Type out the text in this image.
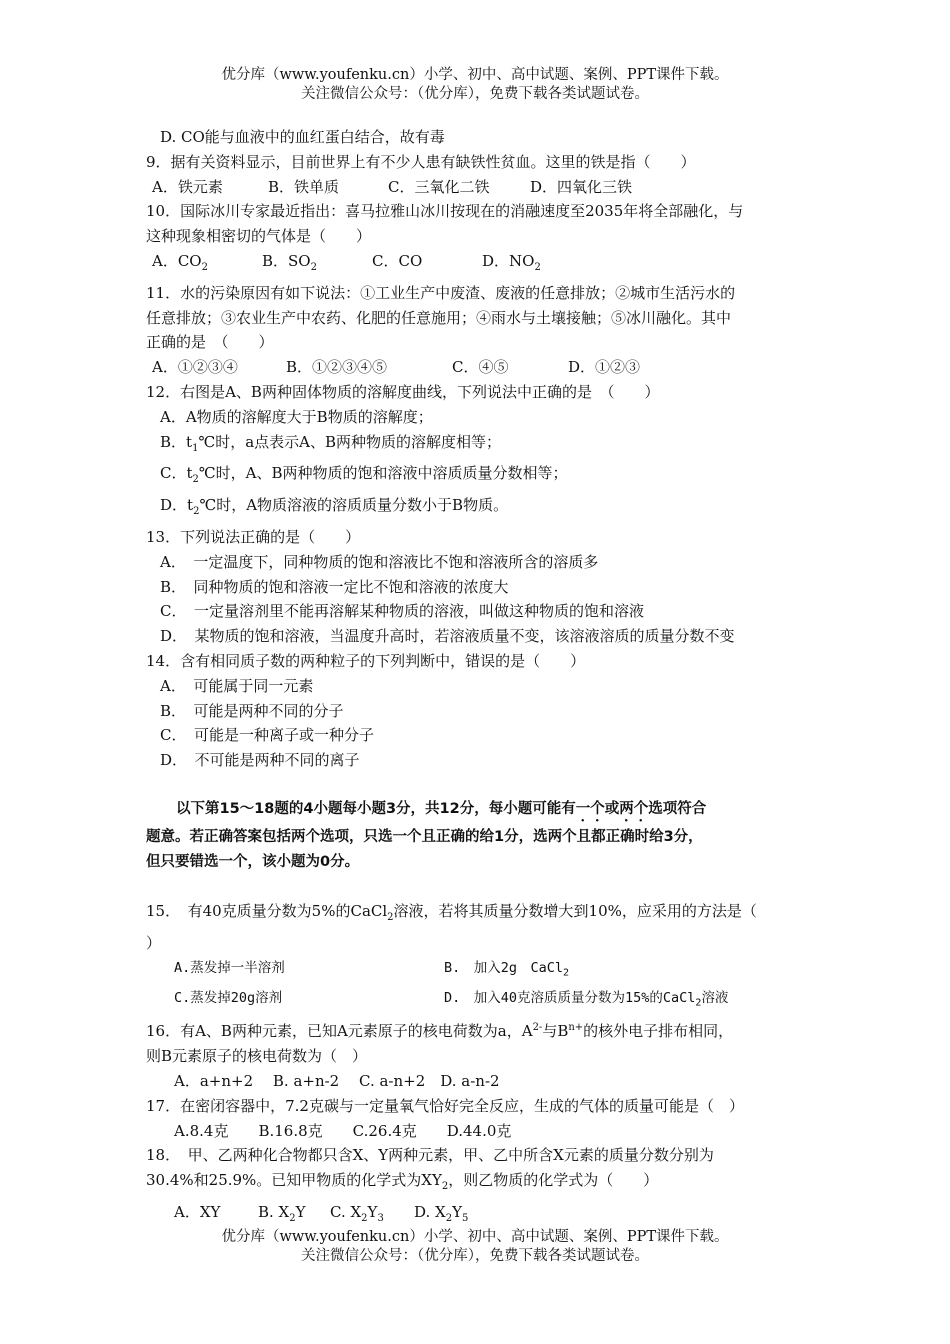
优分库（www.youfenku.cn）小学、初中、高中试题、案例、PPT课件下载。
关注微信公众号：（优分库），免费下载各类试题试卷。
D. CO能与血液中的血红蛋白结合，故有毒
9．据有关资料显示，目前世界上有不少人患有缺铁性贫血。这里的铁是指（　　）
A．铁元素	B．铁单质	C．三氧化二铁	D．四氧化三铁
10．国际冰川专家最近指出：喜马拉雅山冰川按现在的消融速度至2035年将全部融化，与
这种现象相密切的气体是（　　）
A．$CO_2$	B．$SO_2$	C．CO	D．$NO_2$
11．水的污染原因有如下说法：①工业生产中废渣、废液的任意排放；②城市生活污水的
任意排放；③农业生产中农药、化肥的任意施用；④雨水与土壤接触；⑤冰川融化。其中
正确的是　（　　）
A．①②③④	B．①②③④⑤	C．④⑤	D．①②③
12．右图是A、B两种固体物质的溶解度曲线，下列说法中正确的是　（　　）
A．A物质的溶解度大于B物质的溶解度；
B．$t_1℃$时，a点表示A、B两种物质的溶解度相等；
C．$t_2℃$时，A、B两种物质的饱和溶液中溶质质量分数相等；
D．$t_2℃$时，A物质溶液的溶质质量分数小于B物质。
13．下列说法正确的是（　　）
A．　一定温度下，同种物质的饱和溶液比不饱和溶液所含的溶质多
B．　同种物质的饱和溶液一定比不饱和溶液的浓度大
C．　一定量溶剂里不能再溶解某种物质的溶液，叫做这种物质的饱和溶液
D．　某物质的饱和溶液，当温度升高时，若溶液质量不变，该溶液溶质的质量分数不变
14．含有相同质子数的两种粒子的下列判断中，错误的是（　　）
A．　可能属于同一元素
B．　可能是两种不同的分子
C．　可能是一种离子或一种分子
D．　不可能是两种不同的离子
以下第15～18题的4小题每小题3分，共12分，每小题可能有一个或两个选项符合
题意。若正确答案包括两个选项，只选一个且正确的给1分，选两个且都正确时给3分，
但只要错选一个，该小题为0分。
15．　有40克质量分数为5%的CaCl$_2$溶液，若将其质量分数增大到10%，应采用的方法是（
）
A.蒸发掉一半溶剂	B.　加入2g　CaCl$_2$
C.蒸发掉20g溶剂	D.　加入40克溶质质量分数为15%的CaCl$_2$溶液
16．有A、B两种元素，已知A元素原子的核电荷数为a，$A^{2-}$与$B^{n+}$的核外电子排布相同，
则B元素原子的核电荷数为（　）
A．a+n+2　 B. a+n-2　 C. a-n+2　D. a-n-2
17．在密闭容器中，7.2克碳与一定量氧气恰好完全反应，生成的气体的质量可能是（　）
A.8.4克　　B.16.8克　　C.26.4克　　D.44.0克
18．　甲、乙两种化合物都只含X、Y两种元素，甲、乙中所含X元素的质量分数分别为
30.4%和25.9%。已知甲物质的化学式为$XY_2$，则乙物质的化学式为（　　）
A．XY	B. $X_2Y$ C. $X_2Y_3$ D. $X_2Y_5$
优分库（www.youfenku.cn）小学、初中、高中试题、案例、PPT课件下载。
关注微信公众号：（优分库），免费下载各类试题试卷。
